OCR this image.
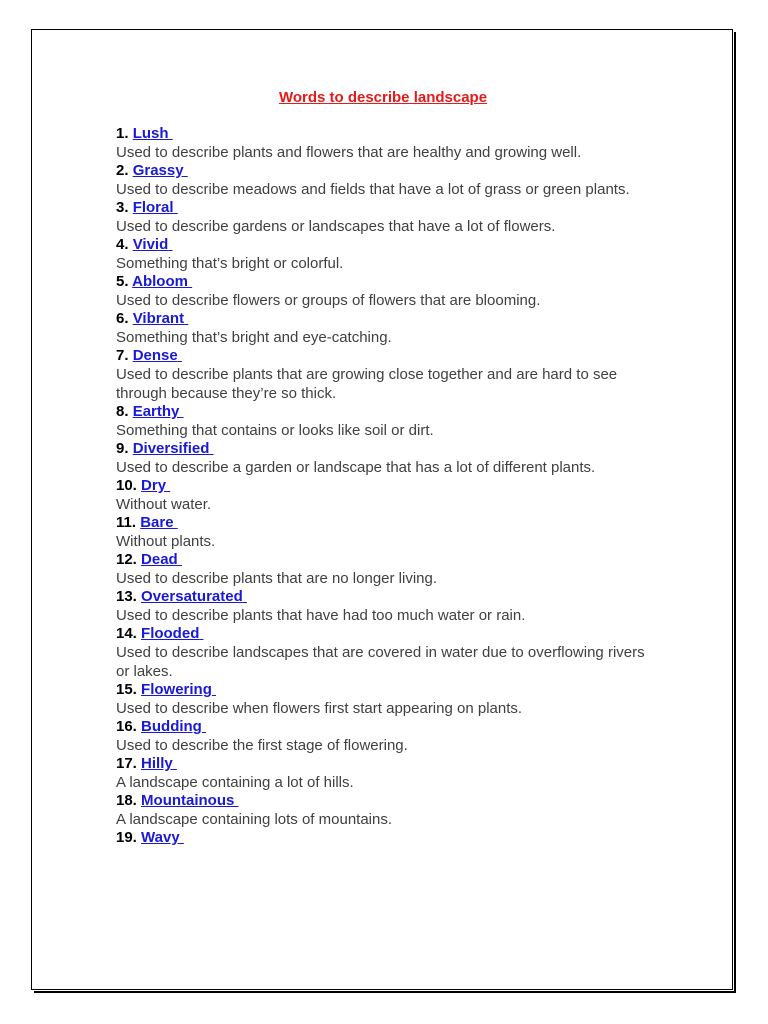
Words to describe landscape
1. Lush
Used to describe plants and flowers that are healthy and growing well.
2. Grassy
Used to describe meadows and fields that have a lot of grass or green plants.
3. Floral
Used to describe gardens or landscapes that have a lot of flowers.
4. Vivid
Something that’s bright or colorful.
5. Abloom
Used to describe flowers or groups of flowers that are blooming.
6. Vibrant
Something that’s bright and eye-catching.
7. Dense
Used to describe plants that are growing close together and are hard to see through because they’re so thick.
8. Earthy
Something that contains or looks like soil or dirt.
9. Diversified
Used to describe a garden or landscape that has a lot of different plants.
10. Dry
Without water.
11. Bare
Without plants.
12. Dead
Used to describe plants that are no longer living.
13. Oversaturated
Used to describe plants that have had too much water or rain.
14. Flooded
Used to describe landscapes that are covered in water due to overflowing rivers or lakes.
15. Flowering
Used to describe when flowers first start appearing on plants.
16. Budding
Used to describe the first stage of flowering.
17. Hilly
A landscape containing a lot of hills.
18. Mountainous
A landscape containing lots of mountains.
19. Wavy
